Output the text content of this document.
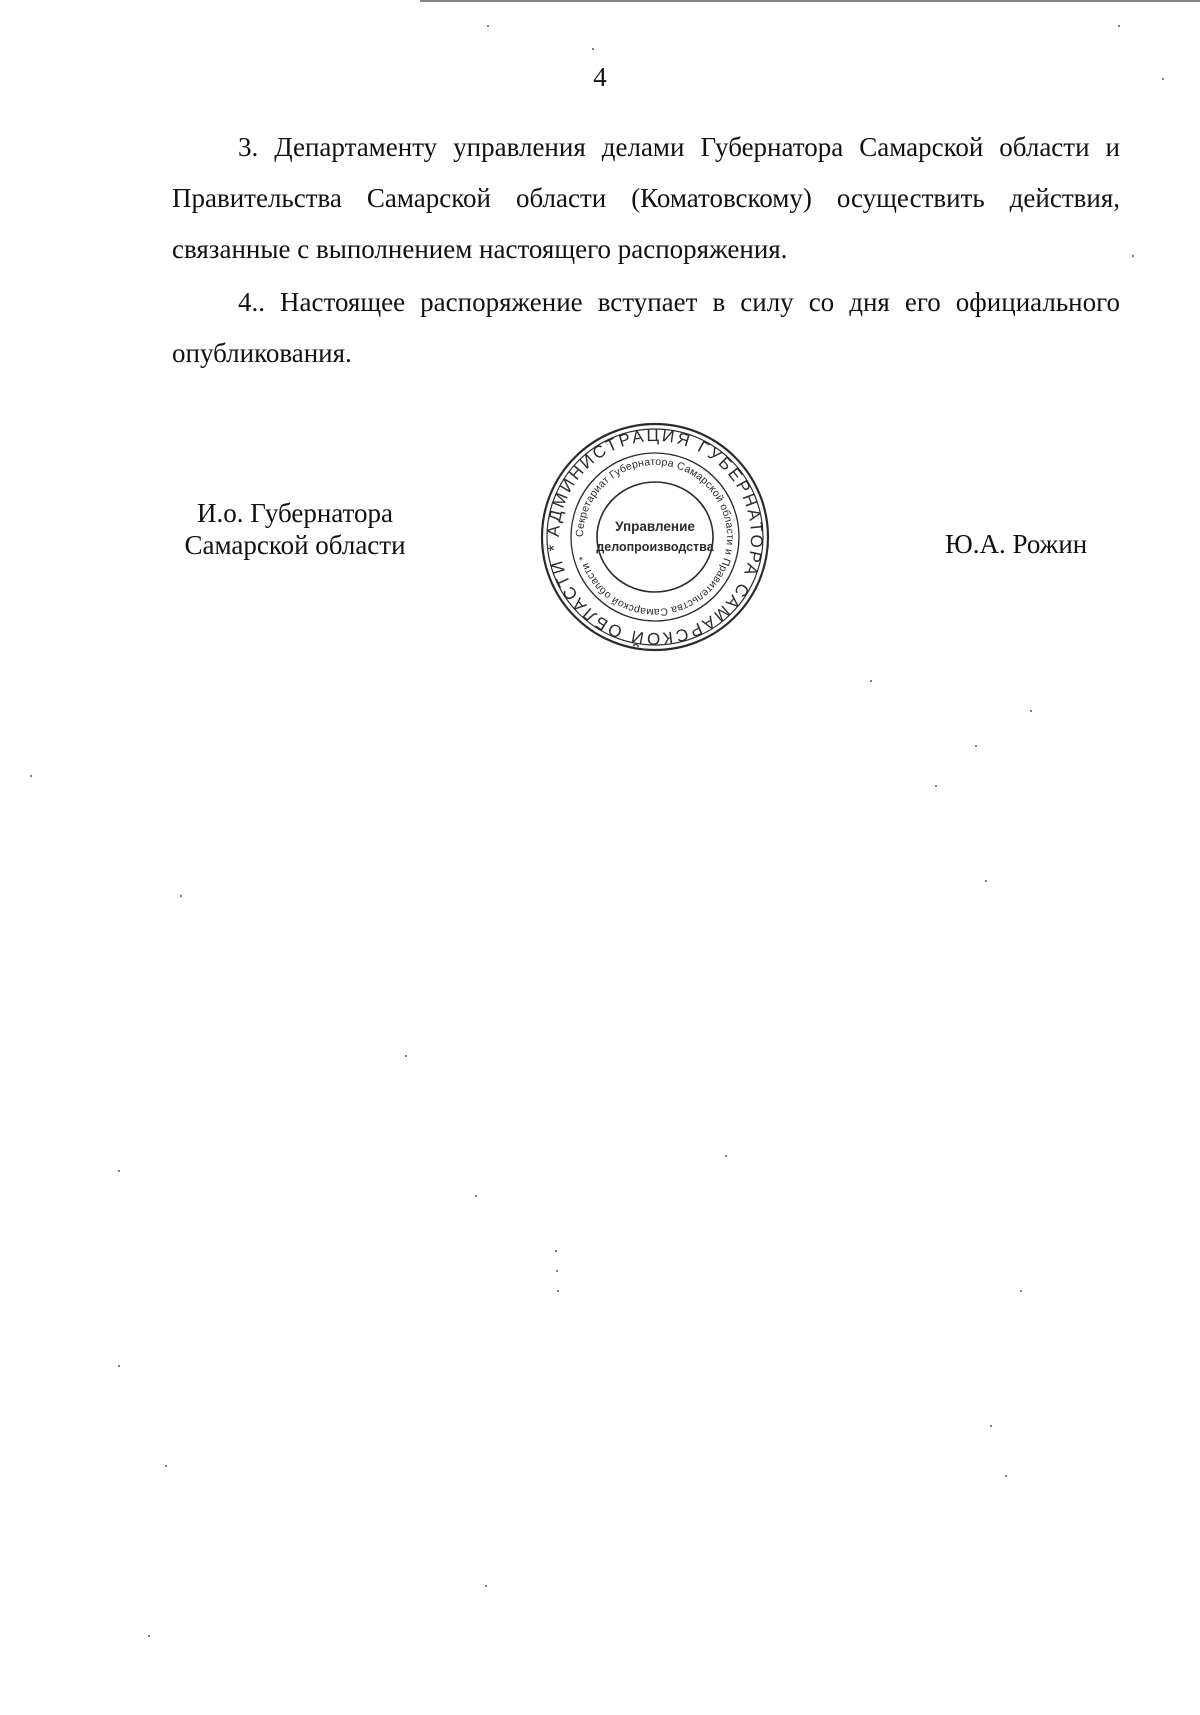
4

3. Департаменту управления делами Губернатора Самарской области и Правительства Самарской области (Коматовскому) осуществить действия, связанные с выполнением настоящего распоряжения.

4.. Настоящее распоряжение вступает в силу со дня его официального опубликования.

И.о. Губернатора
Самарской области
АДМИНИСТРАЦИЯ ГУБЕРНАТОРА САМАРСКОЙ ОБЛАСТИ *
Секретариат Губернатора Самарской области и Правительства Самарской области *
Управление
делопроизводства	Ю.А. Рожин
